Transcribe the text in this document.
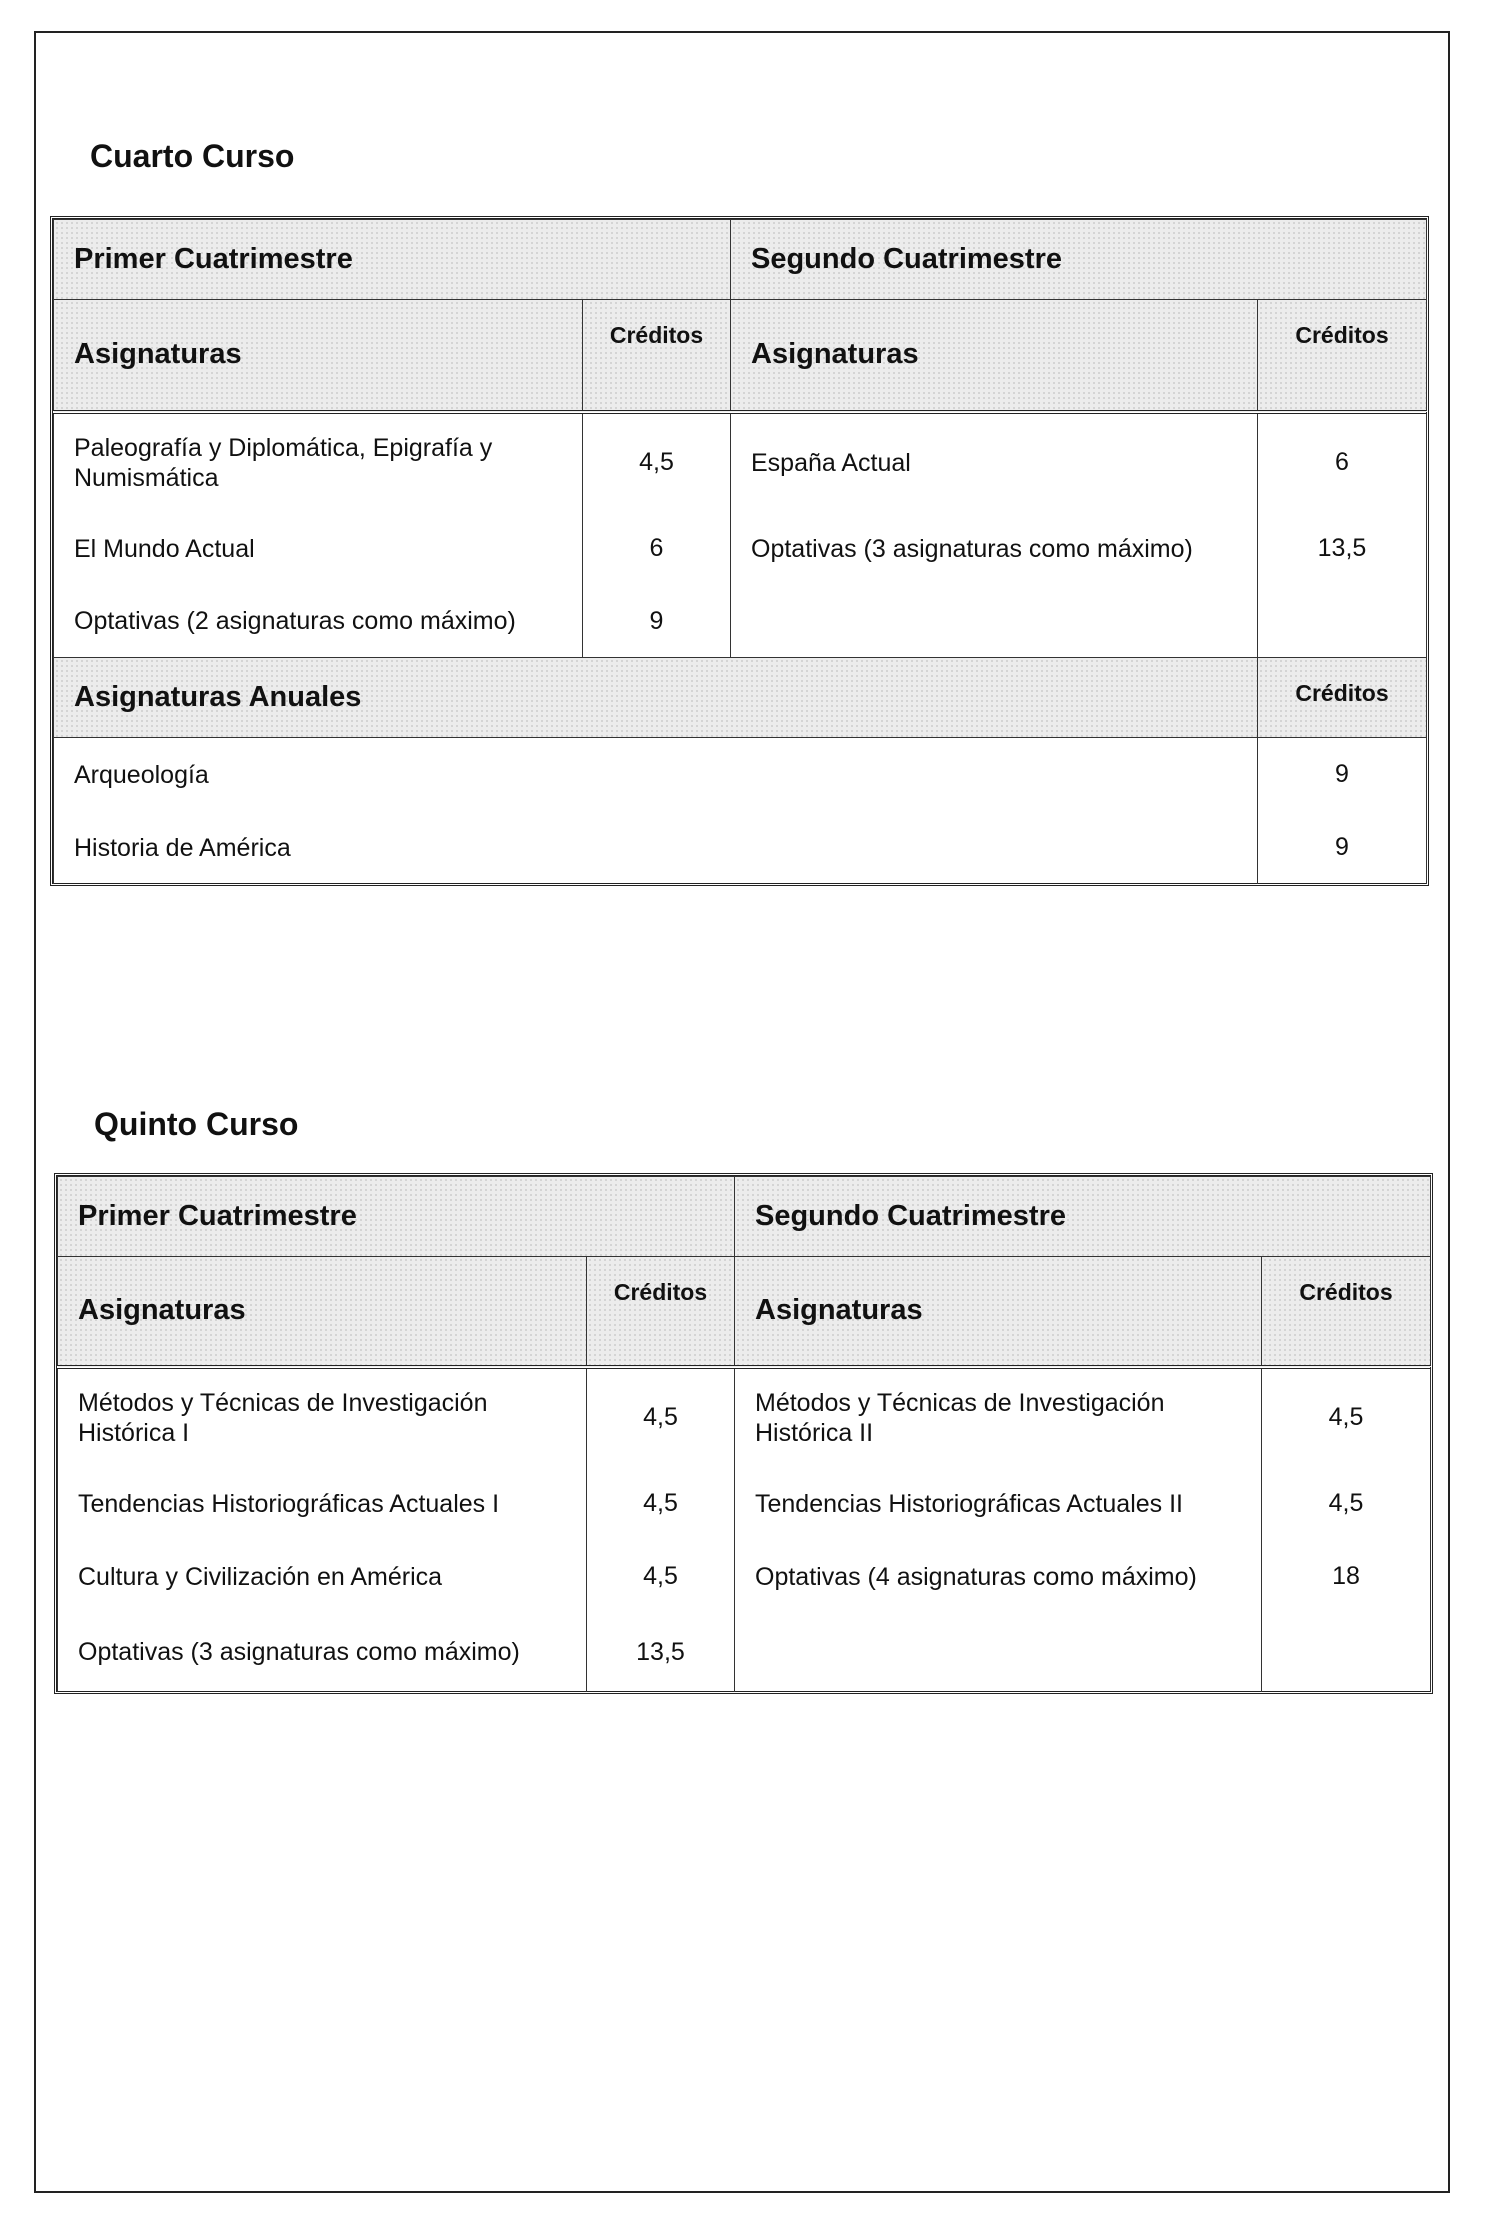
Cuarto Curso
Primer Cuatrimestre		Segundo Cuatrimestre	
Asignaturas	Créditos	Asignaturas	Créditos
Paleografía y Diplomática, Epigrafía y Numismática	4,5	España Actual	6
El Mundo Actual	6	Optativas (3 asignaturas como máximo)	13,5
Optativas (2 asignaturas como máximo)	9		
Asignaturas Anuales			Créditos
Arqueología			9
Historia de América			9
Quinto Curso
Primer Cuatrimestre		Segundo Cuatrimestre	
Asignaturas	Créditos	Asignaturas	Créditos
Métodos y Técnicas de Investigación Histórica I	4,5	Métodos y Técnicas de Investigación Histórica II	4,5
Tendencias Historiográficas Actuales I	4,5	Tendencias Historiográficas Actuales II	4,5
Cultura y Civilización en América	4,5	Optativas (4 asignaturas como máximo)	18
Optativas (3 asignaturas como máximo)	13,5		
